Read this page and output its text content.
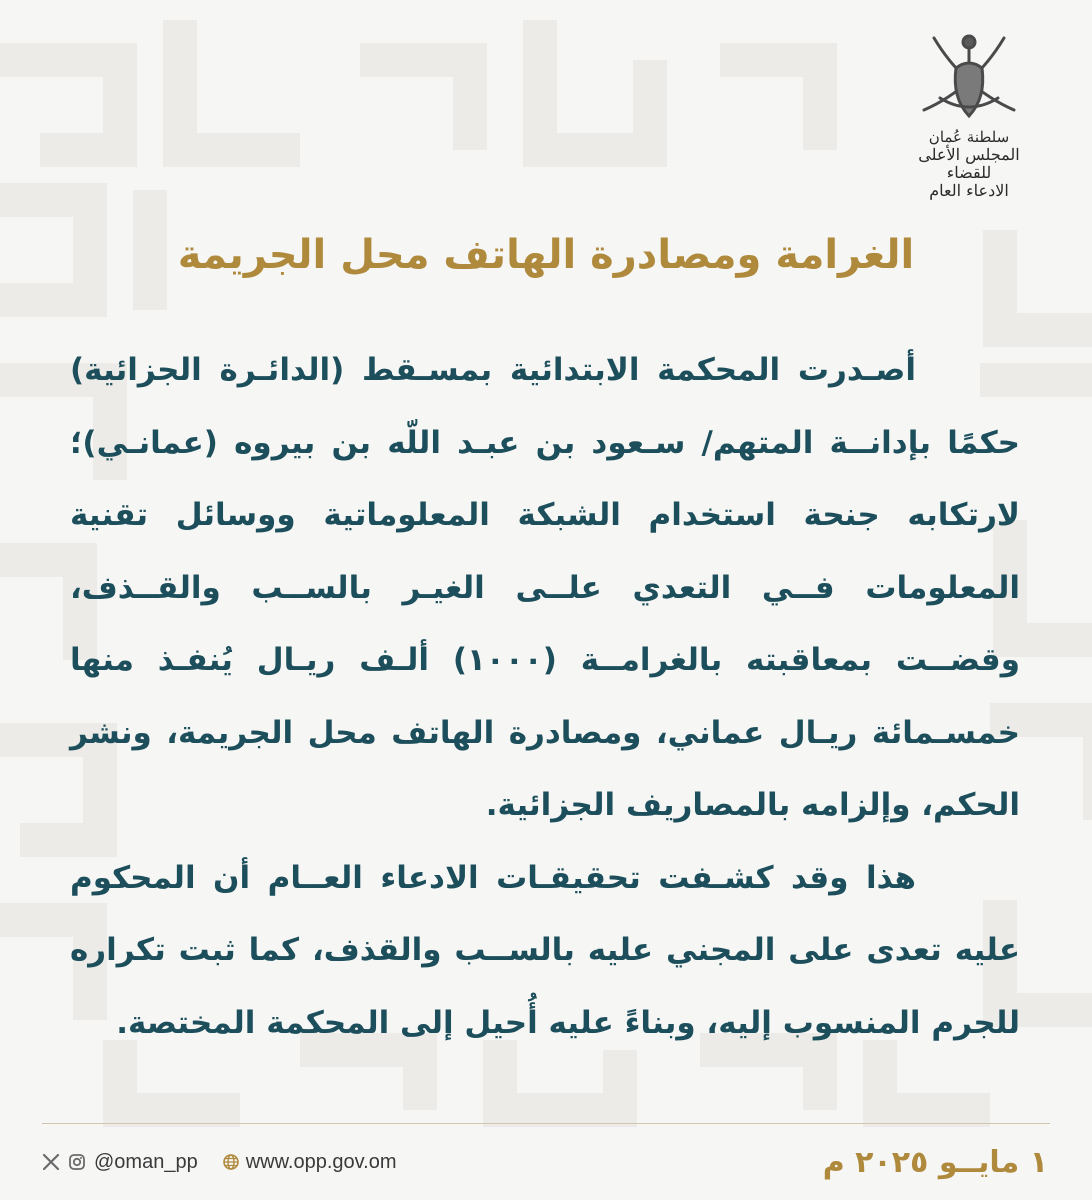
سلطنة عُمان
المجلس الأعلى للقضاء
الادعاء العام
الغرامة ومصادرة الهاتف محل الجريمة

أصـدرت المحكمة الابتدائية بمسـقط (الدائـرة الجزائية) حكمًا بإدانــة المتهم/ سـعود بن عبـد اللّه بن بيروه (عمانـي)؛ لارتكابه جنحة استخدام الشبكة المعلوماتية ووسائل تقنية المعلومات فــي التعدي علــى الغيـر بالســب والقــذف، وقضــت بمعاقبته بالغرامــة (١٠٠٠) ألـف ريـال يُنفـذ منها خمسـمائة ريـال عماني، ومصادرة الهاتف محل الجريمة، ونشر الحكم، وإلزامه بالمصاريف الجزائية.

هذا وقد كشـفت تحقيقـات الادعاء العــام أن المحكوم عليه تعدى على المجني عليه بالســب والقذف، كما ثبت تكراره للجرم المنسوب إليه، وبناءً عليه أُحيل إلى المحكمة المختصة.

@oman_pp www.opp.gov.om	١ مايــو ٢٠٢٥ م
